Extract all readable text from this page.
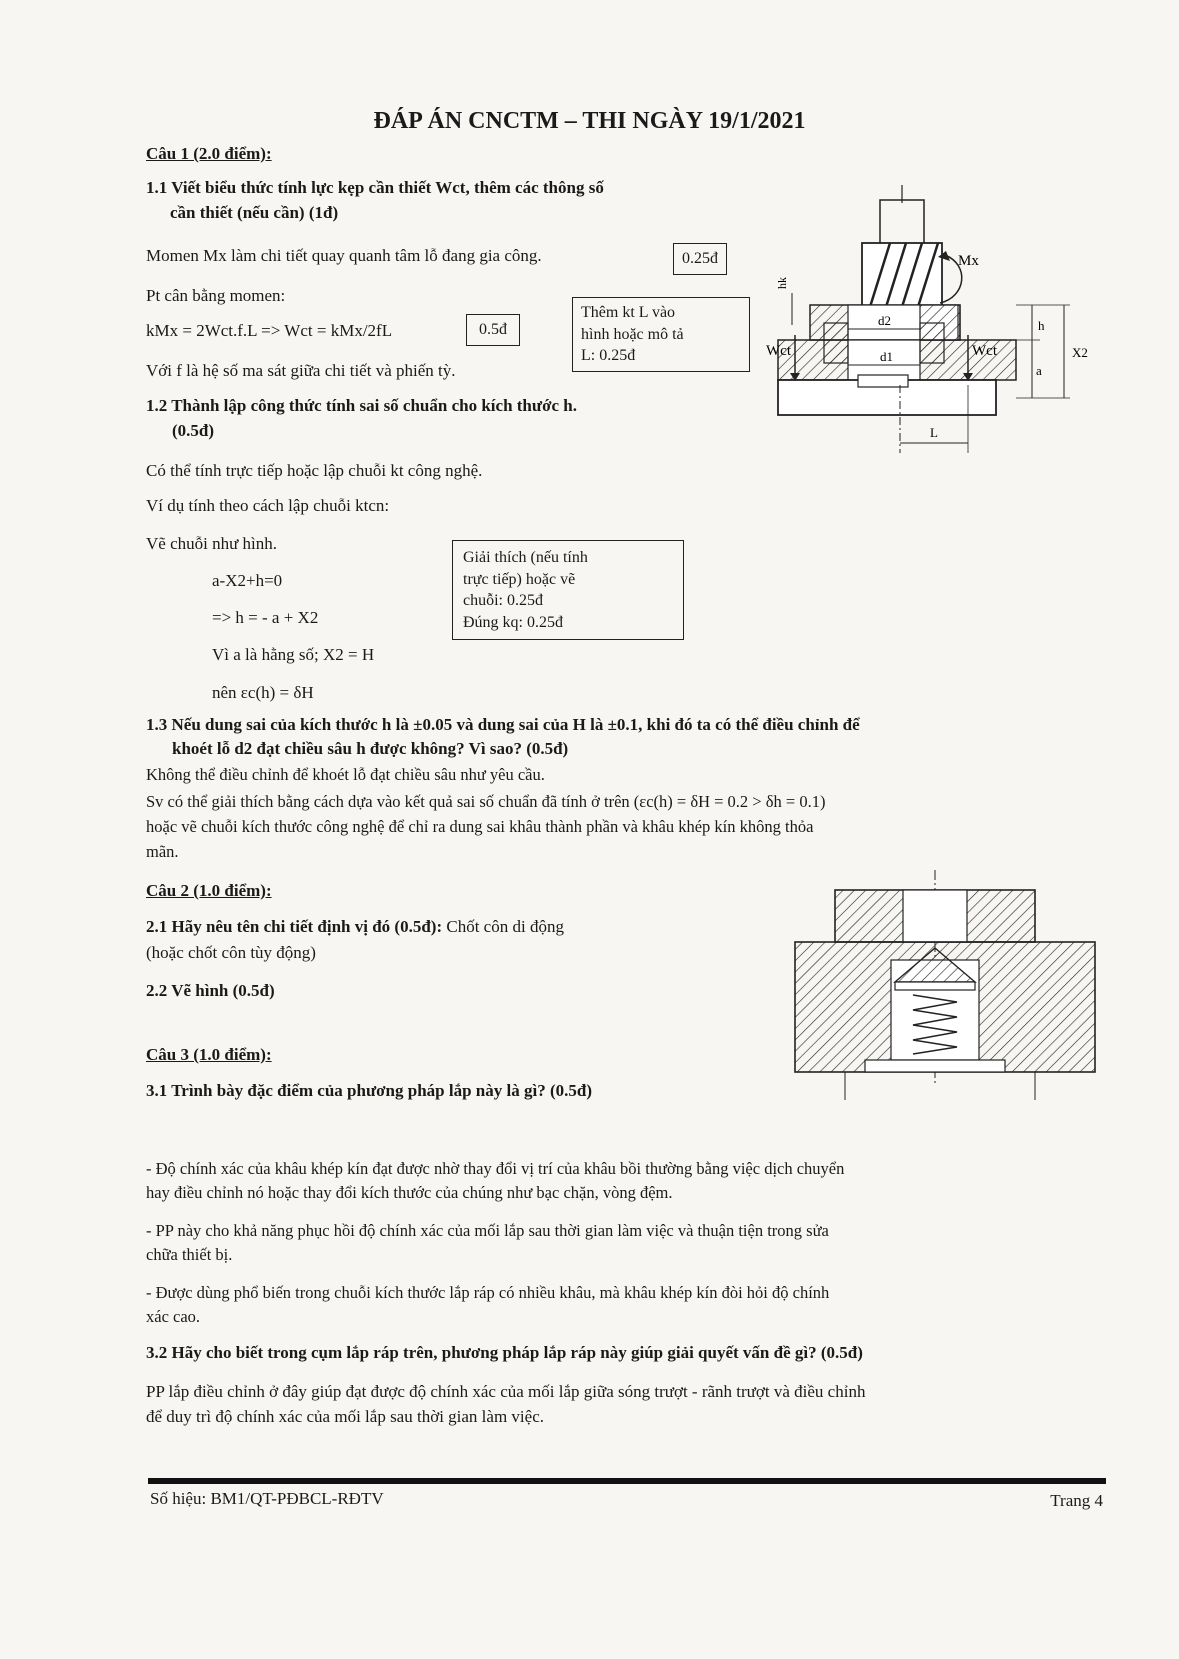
ĐÁP ÁN CNCTM – THI NGÀY 19/1/2021
Câu 1 (2.0 điểm):
1.1 Viết biểu thức tính lực kẹp cần thiết Wct, thêm các thông số
cần thiết (nếu cần) (1đ)
Momen Mx làm chi tiết quay quanh tâm lỗ đang gia công.	0.25đ
Pt cân bằng momen:
kMx = 2Wct.f.L => Wct = kMx/2fL	0.5đ
Với f là hệ số ma sát giữa chi tiết và phiến tỳ.
Thêm kt L vào
hình hoặc mô tả
L: 0.25đ
1.2 Thành lập công thức tính sai số chuẩn cho kích thước h.
(0.5đ)
Có thể tính trực tiếp hoặc lập chuỗi kt công nghệ.
Ví dụ tính theo cách lập chuỗi ktcn:
Vẽ chuỗi như hình.
a-X2+h=0
=> h = - a + X2
Vì a là hằng số; X2 = H
nên εc(h) = δH
Giải thích (nếu tính
trực tiếp) hoặc vẽ
chuỗi: 0.25đ
Đúng kq: 0.25đ
1.3 Nếu dung sai của kích thước h là ±0.05 và dung sai của H là ±0.1, khi đó ta có thể điều chỉnh để
khoét lỗ d2 đạt chiều sâu h được không? Vì sao? (0.5đ)
Không thể điều chỉnh để khoét lỗ đạt chiều sâu như yêu cầu.
Sv có thể giải thích bằng cách dựa vào kết quả sai số chuẩn đã tính ở trên (εc(h) = δH = 0.2 > δh = 0.1)
hoặc vẽ chuỗi kích thước công nghệ để chỉ ra dung sai khâu thành phần và khâu khép kín không thỏa
mãn.
Mx
hk
d2
d1
Wct	Wct
h
a
X2
L
Câu 2 (1.0 điểm):
2.1 Hãy nêu tên chi tiết định vị đó (0.5đ): Chốt côn di động
(hoặc chốt côn tùy động)
2.2 Vẽ hình (0.5đ)
Câu 3 (1.0 điểm):
3.1 Trình bày đặc điểm của phương pháp lắp này là gì? (0.5đ)
- Độ chính xác của khâu khép kín đạt được nhờ thay đổi vị trí của khâu bồi thường bằng việc dịch chuyển
hay điều chỉnh nó hoặc thay đổi kích thước của chúng như bạc chặn, vòng đệm.
- PP này cho khả năng phục hồi độ chính xác của mối lắp sau thời gian làm việc và thuận tiện trong sửa
chữa thiết bị.
- Được dùng phổ biến trong chuỗi kích thước lắp ráp có nhiều khâu, mà khâu khép kín đòi hỏi độ chính
xác cao.
3.2 Hãy cho biết trong cụm lắp ráp trên, phương pháp lắp ráp này giúp giải quyết vấn đề gì? (0.5đ)
PP lắp điều chỉnh ở đây giúp đạt được độ chính xác của mối lắp giữa sóng trượt - rãnh trượt và điều chỉnh
để duy trì độ chính xác của mối lắp sau thời gian làm việc.
Số hiệu: BM1/QT-PĐBCL-RĐTV	Trang 4
